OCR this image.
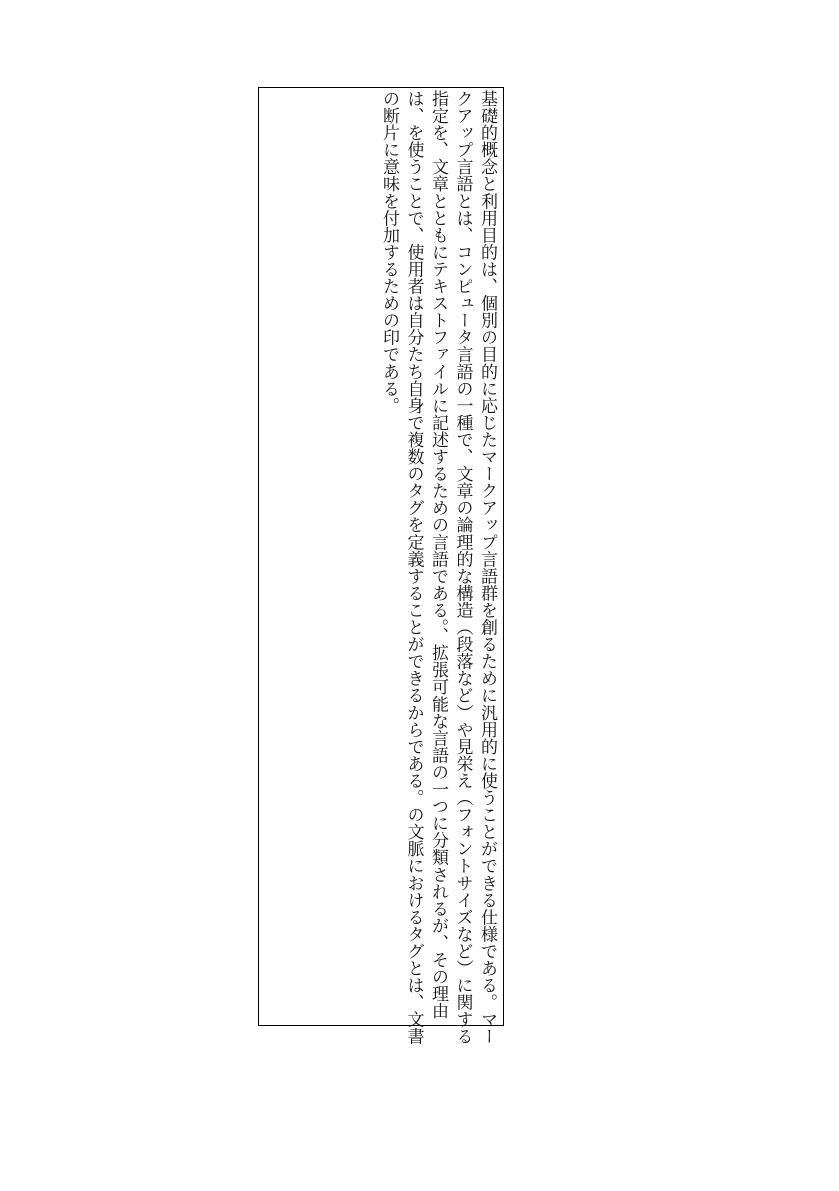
基礎的概念と利用目的は、個別の目的に応じたマークアップ言語群を創るために汎用的に使うことができる仕様である。マークアップ言語とは、コンピュータ言語の一種で、文章の論理的な構造（段落など）や見栄え（フォントサイズなど）に関する指定を、文章とともにテキストファイルに記述するための言語である。、拡張可能な言語の一つに分類されるが、その理由は、を使うことで、使用者は自分たち自身で複数のタグを定義することができるからである。の文脈におけるタグとは、文書の断片に意味を付加するための印である。
